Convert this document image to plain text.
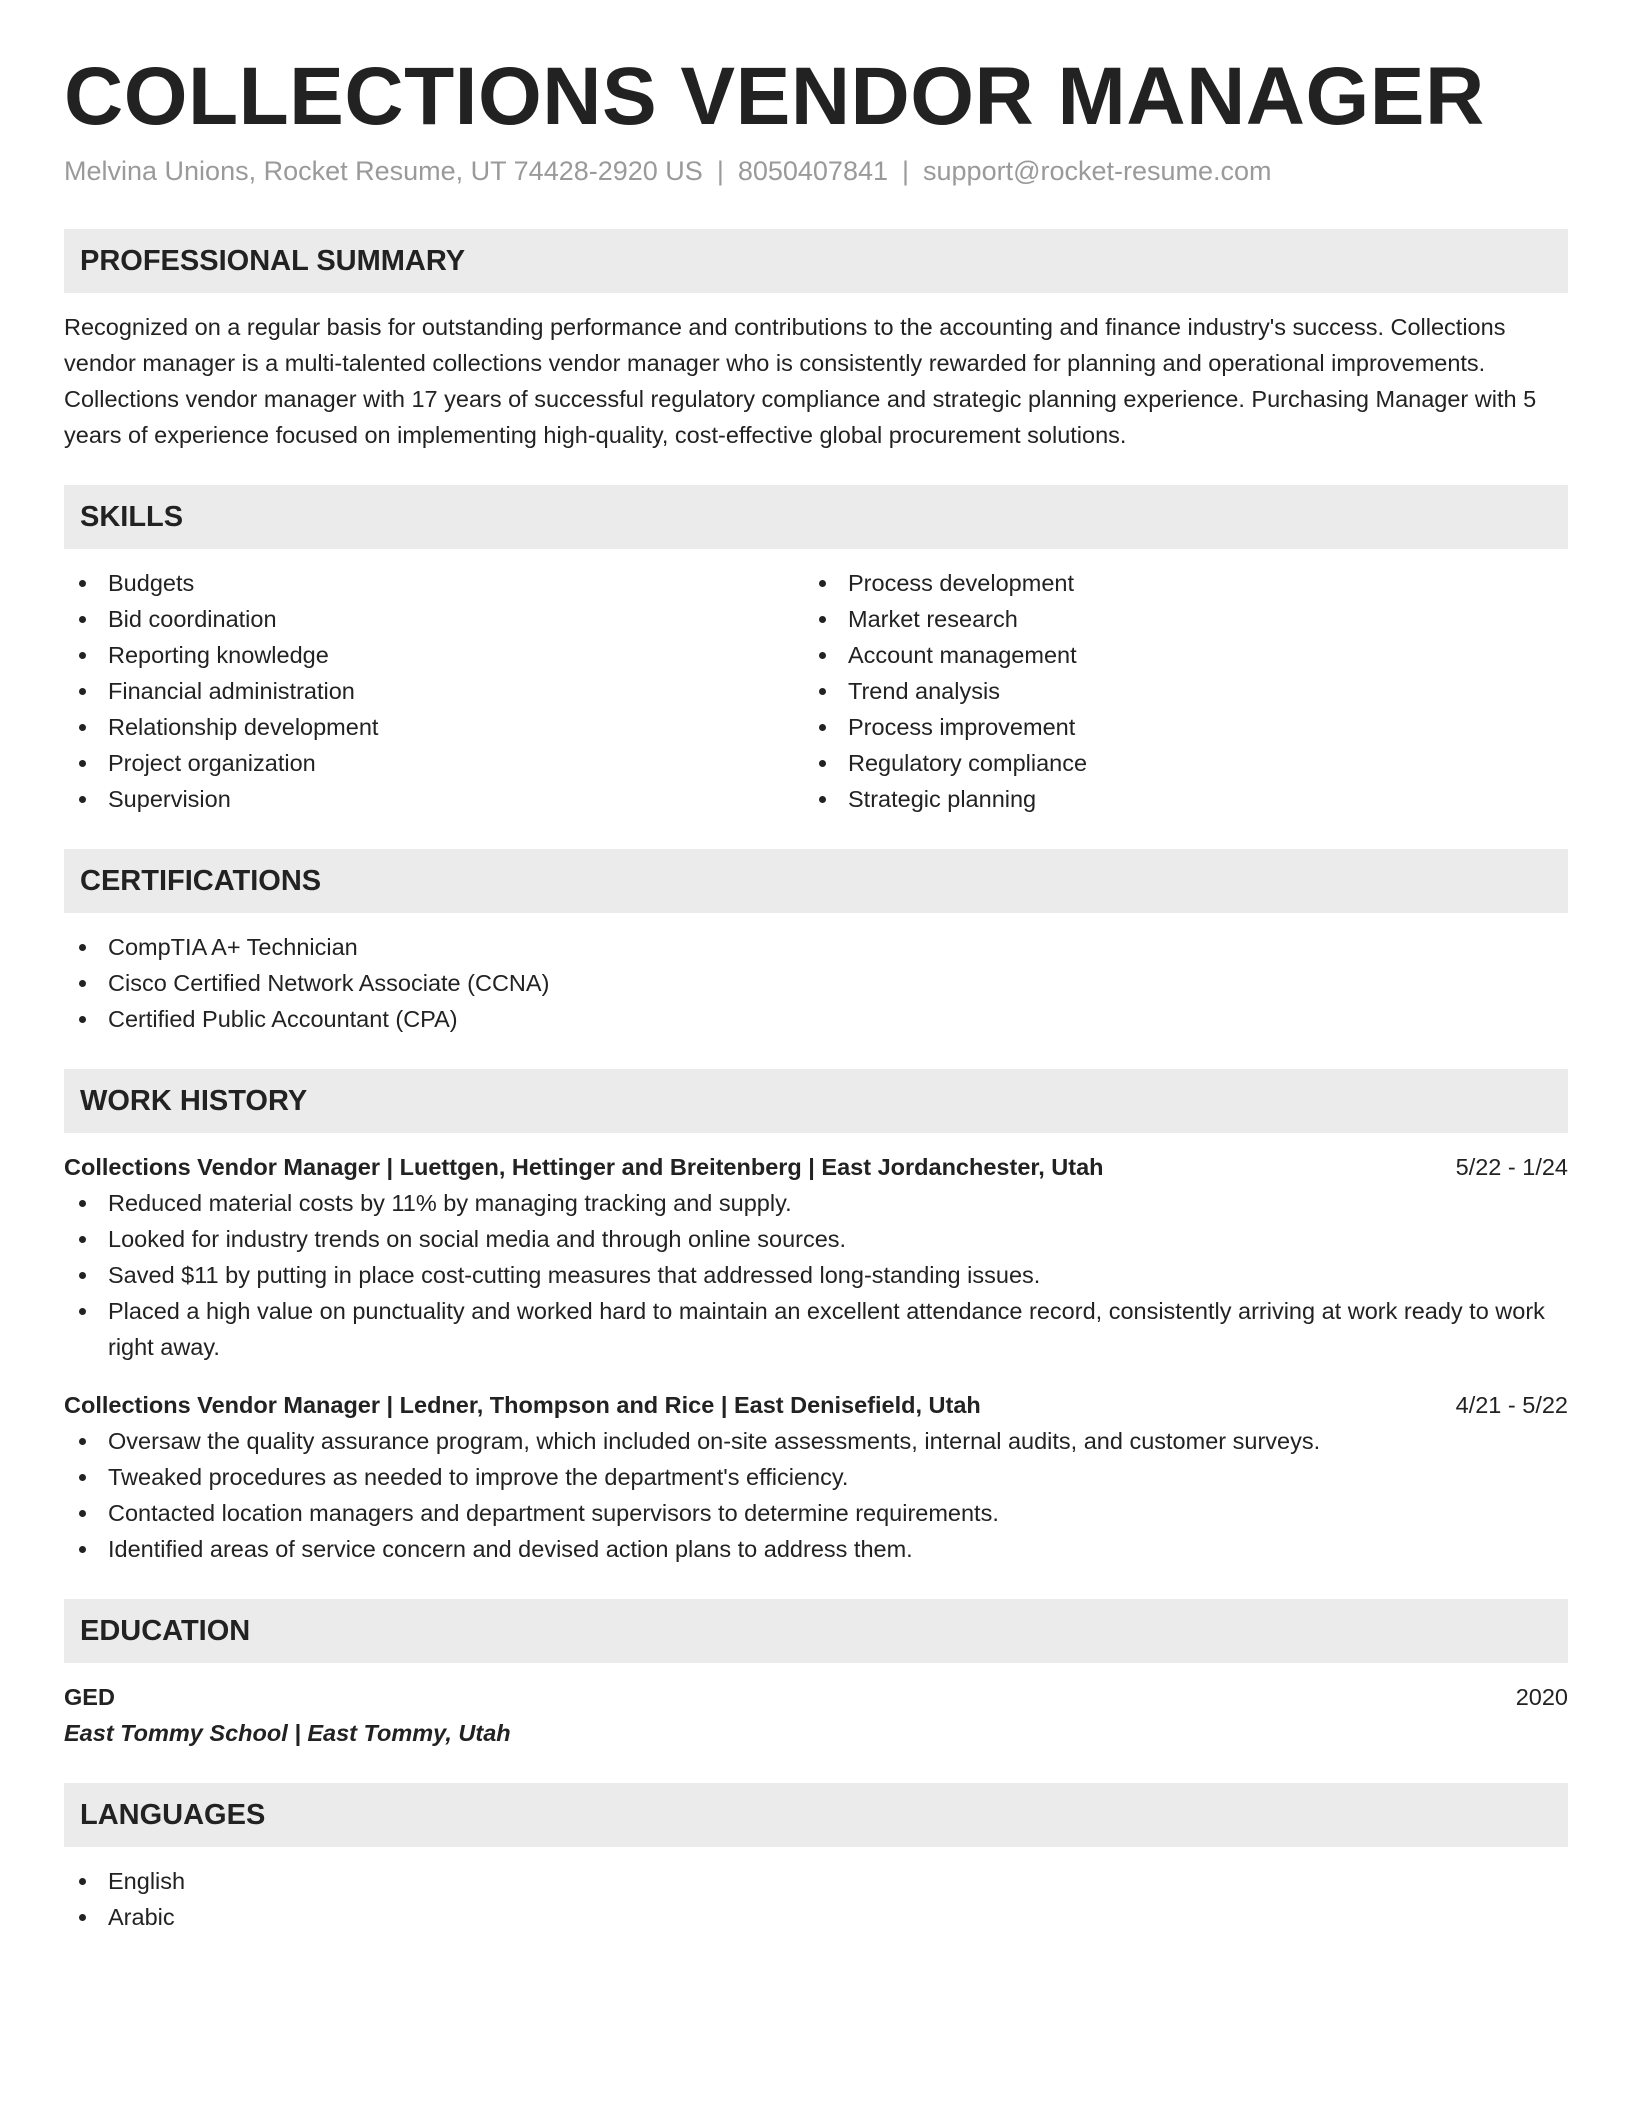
COLLECTIONS VENDOR MANAGER
Melvina Unions, Rocket Resume, UT 74428-2920 US | 8050407841 | support@rocket-resume.com
PROFESSIONAL SUMMARY

Recognized on a regular basis for outstanding performance and contributions to the accounting and finance industry's success. Collections vendor manager is a multi-talented collections vendor manager who is consistently rewarded for planning and operational improvements. Collections vendor manager with 17 years of successful regulatory compliance and strategic planning experience. Purchasing Manager with 5 years of experience focused on implementing high-quality, cost-effective global procurement solutions.

SKILLS
Budgets
Bid coordination
Reporting knowledge
Financial administration
Relationship development
Project organization
Supervision
Process development
Market research
Account management
Trend analysis
Process improvement
Regulatory compliance
Strategic planning
CERTIFICATIONS
CompTIA A+ Technician
Cisco Certified Network Associate (CCNA)
Certified Public Accountant (CPA)
WORK HISTORY
Collections Vendor Manager | Luettgen, Hettinger and Breitenberg | East Jordanchester, Utah	5/22 - 1/24
Reduced material costs by 11% by managing tracking and supply.
Looked for industry trends on social media and through online sources.
Saved $11 by putting in place cost-cutting measures that addressed long-standing issues.
Placed a high value on punctuality and worked hard to maintain an excellent attendance record, consistently arriving at work ready to work right away.
Collections Vendor Manager | Ledner, Thompson and Rice | East Denisefield, Utah	4/21 - 5/22
Oversaw the quality assurance program, which included on-site assessments, internal audits, and customer surveys.
Tweaked procedures as needed to improve the department's efficiency.
Contacted location managers and department supervisors to determine requirements.
Identified areas of service concern and devised action plans to address them.
EDUCATION
GED	2020
East Tommy School | East Tommy, Utah
LANGUAGES
English
Arabic
